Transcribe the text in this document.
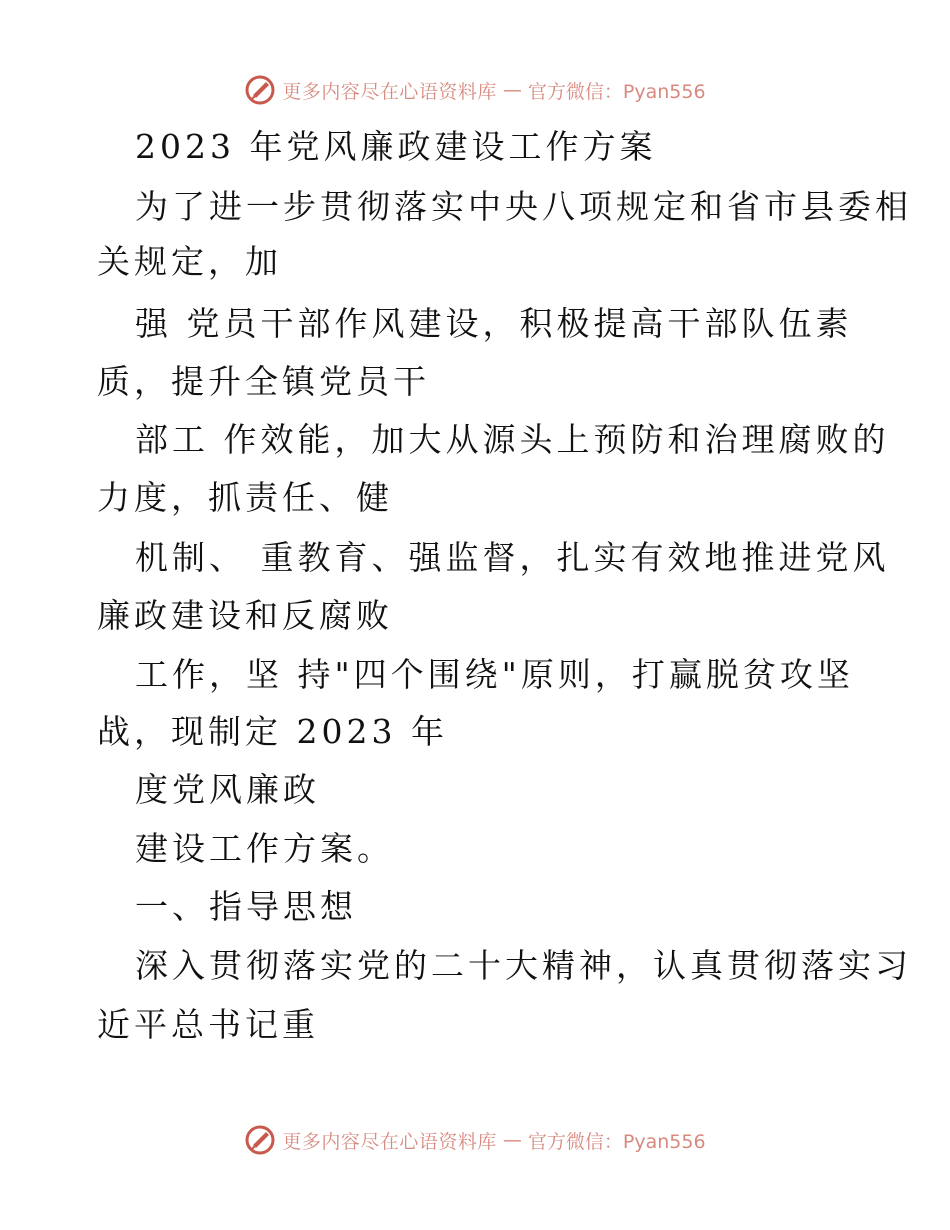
更多内容尽在心语资料库 — 官方微信：Pyan556
2023 年党风廉政建设工作方案
为了进一步贯彻落实中央八项规定和省市县委相
关规定，加
强 党员干部作风建设，积极提高干部队伍素
质，提升全镇党员干
部工 作效能，加大从源头上预防和治理腐败的
力度，抓责任、健
机制、 重教育、强监督，扎实有效地推进党风
廉政建设和反腐败
工作，坚 持"四个围绕"原则，打赢脱贫攻坚
战，现制定 2023 年
度党风廉政
建设工作方案。
一、指导思想
深入贯彻落实党的二十大精神，认真贯彻落实习
近平总书记重
更多内容尽在心语资料库 — 官方微信：Pyan556
